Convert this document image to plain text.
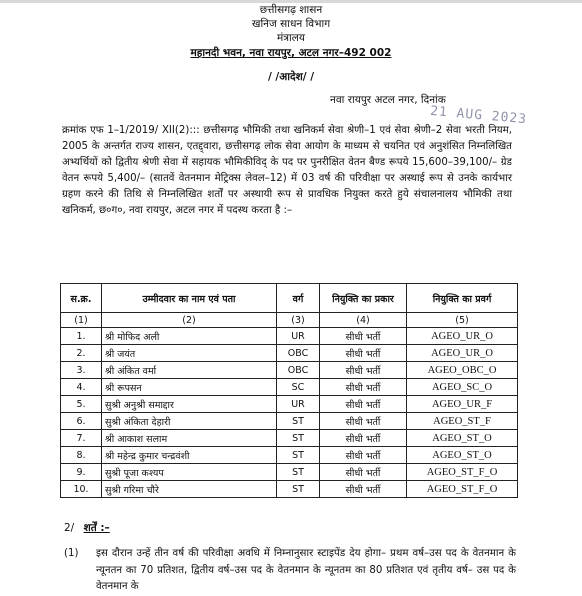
छत्तीसगढ़ शासन
खनिज साधन विभाग
मंत्रालय
महानदी भवन, नवा रायपुर, अटल नगर–492 002
/ /आदेश/ /
नवा रायपुर अटल नगर, दिनांक
21 AUG 2023
क्रमांक एफ 1–1/2019/ XII(2)::: छत्तीसगढ़ भौमिकी तथा खनिकर्म सेवा श्रेणी–1 एवं सेवा श्रेणी–2 सेवा भरती नियम, 2005 के अन्तर्गत राज्य शासन, एतद्द्वारा, छत्तीसगढ़ लोक सेवा आयोग के माध्यम से चयनित एवं अनुशंसित निम्नलिखित अभ्यर्थियों को द्वितीय श्रेणी सेवा में सहायक भौमिकीविद् के पद पर पुनरीक्षित वेतन बैण्ड रूपये 15,600–39,100/– ग्रेड वेतन रूपये 5,400/– (सातवें वेतनमान मेट्रिक्स लेवल–12) में 03 वर्ष की परिवीक्षा पर अस्थाई रूप से उनके कार्यभार ग्रहण करने की तिथि से निम्नलिखित शर्तों पर अस्थायी रूप से प्रावधिक नियुक्त करते हुये संचालनालय भौमिकी तथा खनिकर्म, छ०ग०, नवा रायपुर, अटल नगर में पदस्थ करता है :–
स.क्र.	उम्मीदवार का नाम एवं पता	वर्ग	नियुक्ति का प्रकार	नियुक्ति का प्रवर्ग
(1)	(2)	(3)	(4)	(5)
1.	श्री मोफिद अली	UR	सीधी भर्ती	AGEO_UR_O
2.	श्री जयंत	OBC	सीधी भर्ती	AGEO_UR_O
3.	श्री अंकित वर्मा	OBC	सीधी भर्ती	AGEO_OBC_O
4.	श्री रूपसन	SC	सीधी भर्ती	AGEO_SC_O
5.	सुश्री अनुश्री समाद्दार	UR	सीधी भर्ती	AGEO_UR_F
6.	सुश्री अंकिता देहारी	ST	सीधी भर्ती	AGEO_ST_F
7.	श्री आकाश सलाम	ST	सीधी भर्ती	AGEO_ST_O
8.	श्री महेन्द्र कुमार चन्द्रवंशी	ST	सीधी भर्ती	AGEO_ST_O
9.	सुश्री पूजा कश्यप	ST	सीधी भर्ती	AGEO_ST_F_O
10.	सुश्री गरिमा चौरे	ST	सीधी भर्ती	AGEO_ST_F_O
2/ शर्तें :–
(1) इस दौरान उन्हें तीन वर्ष की परिवीक्षा अवधि में निम्नानुसार स्टाइपेंड देय होगा– प्रथम वर्ष–उस पद के वेतनमान के न्यूनतन का 70 प्रतिशत, द्वितीय वर्ष–उस पद के वेतनमान के न्यूनतम का 80 प्रतिशत एवं तृतीय वर्ष– उस पद के वेतनमान के
